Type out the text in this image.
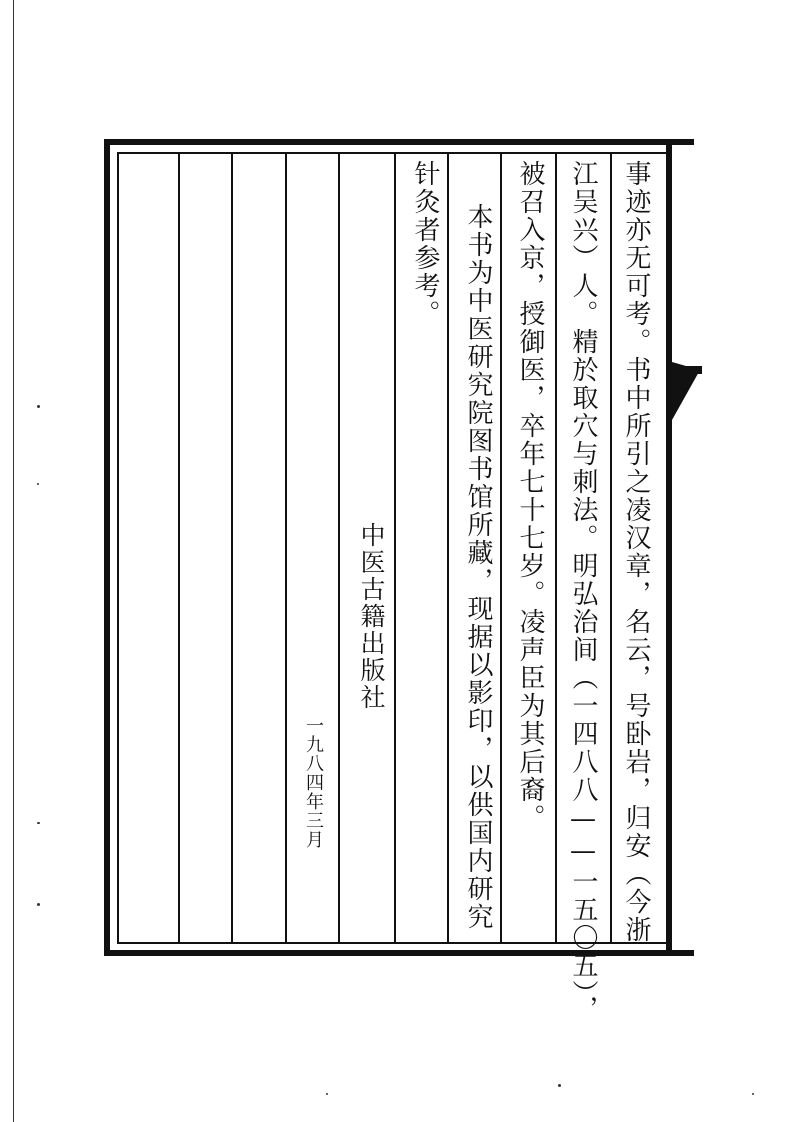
事迹亦无可考。书中所引之凌汉章，名云，号卧岩，归安（今浙
江吴兴）人。精於取穴与刺法。明弘治间（一四八八——一五〇五），
被召入京，授御医，卒年七十七岁。凌声臣为其后裔。
本书为中医研究院图书馆所藏，现据以影印，以供国内研究
针灸者参考。
中医古籍出版社
一九八四年三月
